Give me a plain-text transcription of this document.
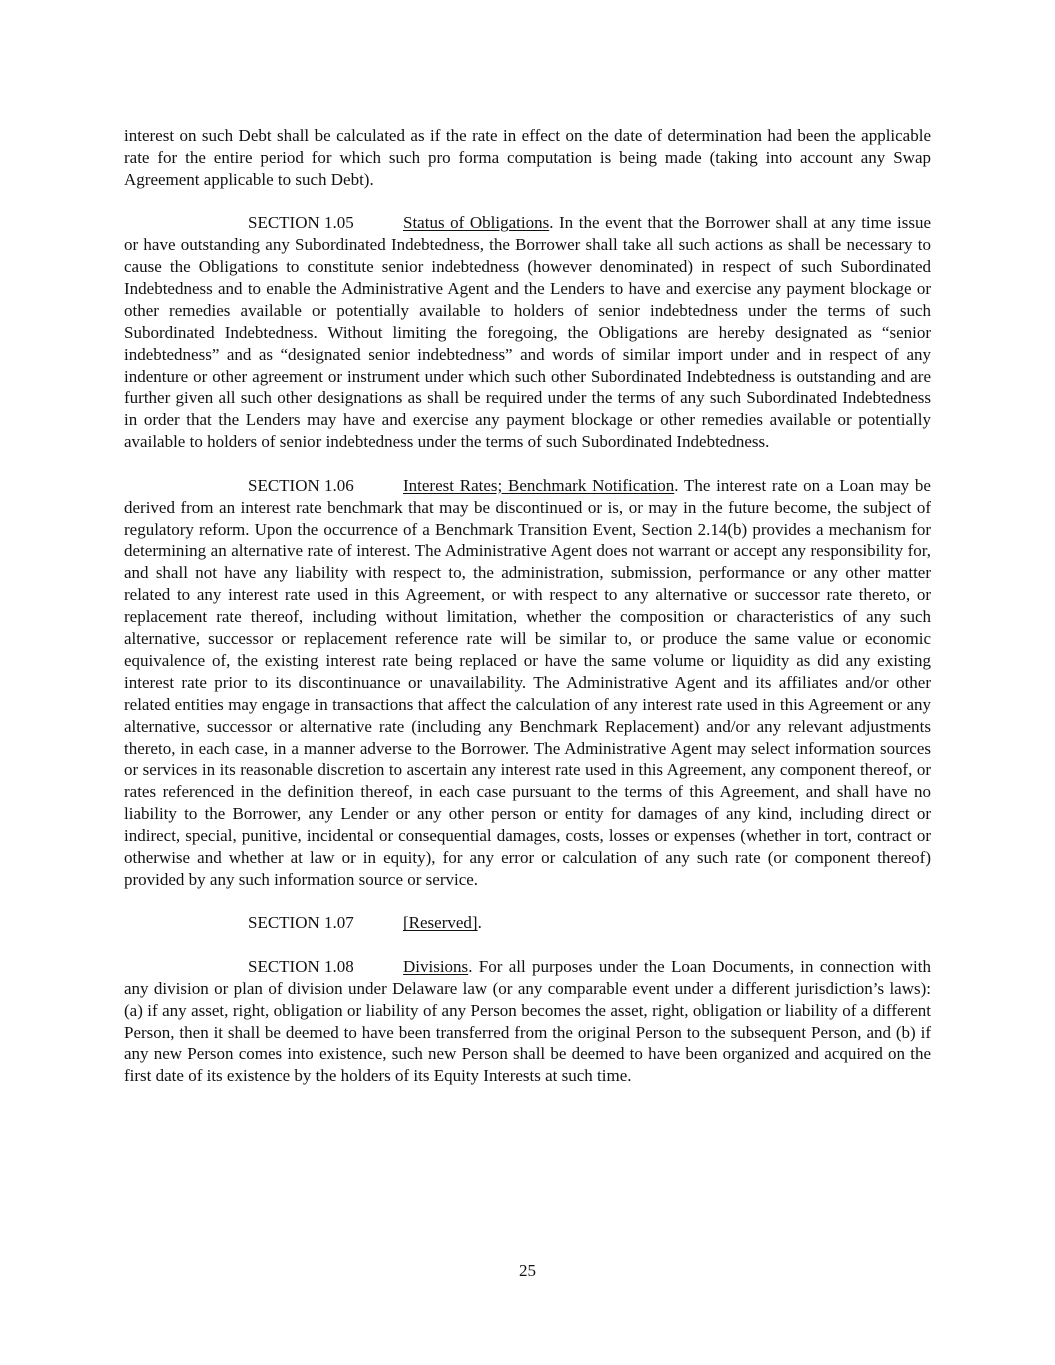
interest on such Debt shall be calculated as if the rate in effect on the date of determination had been the applicable rate for the entire period for which such pro forma computation is being made (taking into account any Swap Agreement applicable to such Debt).

SECTION 1.05	Status of Obligations. In the event that the Borrower shall at any time issue or have outstanding any Subordinated Indebtedness, the Borrower shall take all such actions as shall be necessary to cause the Obligations to constitute senior indebtedness (however denominated) in respect of such Subordinated Indebtedness and to enable the Administrative Agent and the Lenders to have and exercise any payment blockage or other remedies available or potentially available to holders of senior indebtedness under the terms of such Subordinated Indebtedness. Without limiting the foregoing, the Obligations are hereby designated as “senior indebtedness” and as “designated senior indebtedness” and words of similar import under and in respect of any indenture or other agreement or instrument under which such other Subordinated Indebtedness is outstanding and are further given all such other designations as shall be required under the terms of any such Subordinated Indebtedness in order that the Lenders may have and exercise any payment blockage or other remedies available or potentially available to holders of senior indebtedness under the terms of such Subordinated Indebtedness.

SECTION 1.06	Interest Rates; Benchmark Notification. The interest rate on a Loan may be derived from an interest rate benchmark that may be discontinued or is, or may in the future become, the subject of regulatory reform. Upon the occurrence of a Benchmark Transition Event, Section 2.14(b) provides a mechanism for determining an alternative rate of interest. The Administrative Agent does not warrant or accept any responsibility for, and shall not have any liability with respect to, the administration, submission, performance or any other matter related to any interest rate used in this Agreement, or with respect to any alternative or successor rate thereto, or replacement rate thereof, including without limitation, whether the composition or characteristics of any such alternative, successor or replacement reference rate will be similar to, or produce the same value or economic equivalence of, the existing interest rate being replaced or have the same volume or liquidity as did any existing interest rate prior to its discontinuance or unavailability. The Administrative Agent and its affiliates and/or other related entities may engage in transactions that affect the calculation of any interest rate used in this Agreement or any alternative, successor or alternative rate (including any Benchmark Replacement) and/or any relevant adjustments thereto, in each case, in a manner adverse to the Borrower. The Administrative Agent may select information sources or services in its reasonable discretion to ascertain any interest rate used in this Agreement, any component thereof, or rates referenced in the definition thereof, in each case pursuant to the terms of this Agreement, and shall have no liability to the Borrower, any Lender or any other person or entity for damages of any kind, including direct or indirect, special, punitive, incidental or consequential damages, costs, losses or expenses (whether in tort, contract or otherwise and whether at law or in equity), for any error or calculation of any such rate (or component thereof) provided by any such information source or service.

SECTION 1.07	[Reserved].

SECTION 1.08	Divisions. For all purposes under the Loan Documents, in connection with any division or plan of division under Delaware law (or any comparable event under a different jurisdiction’s laws): (a) if any asset, right, obligation or liability of any Person becomes the asset, right, obligation or liability of a different Person, then it shall be deemed to have been transferred from the original Person to the subsequent Person, and (b) if any new Person comes into existence, such new Person shall be deemed to have been organized and acquired on the first date of its existence by the holders of its Equity Interests at such time.

25
